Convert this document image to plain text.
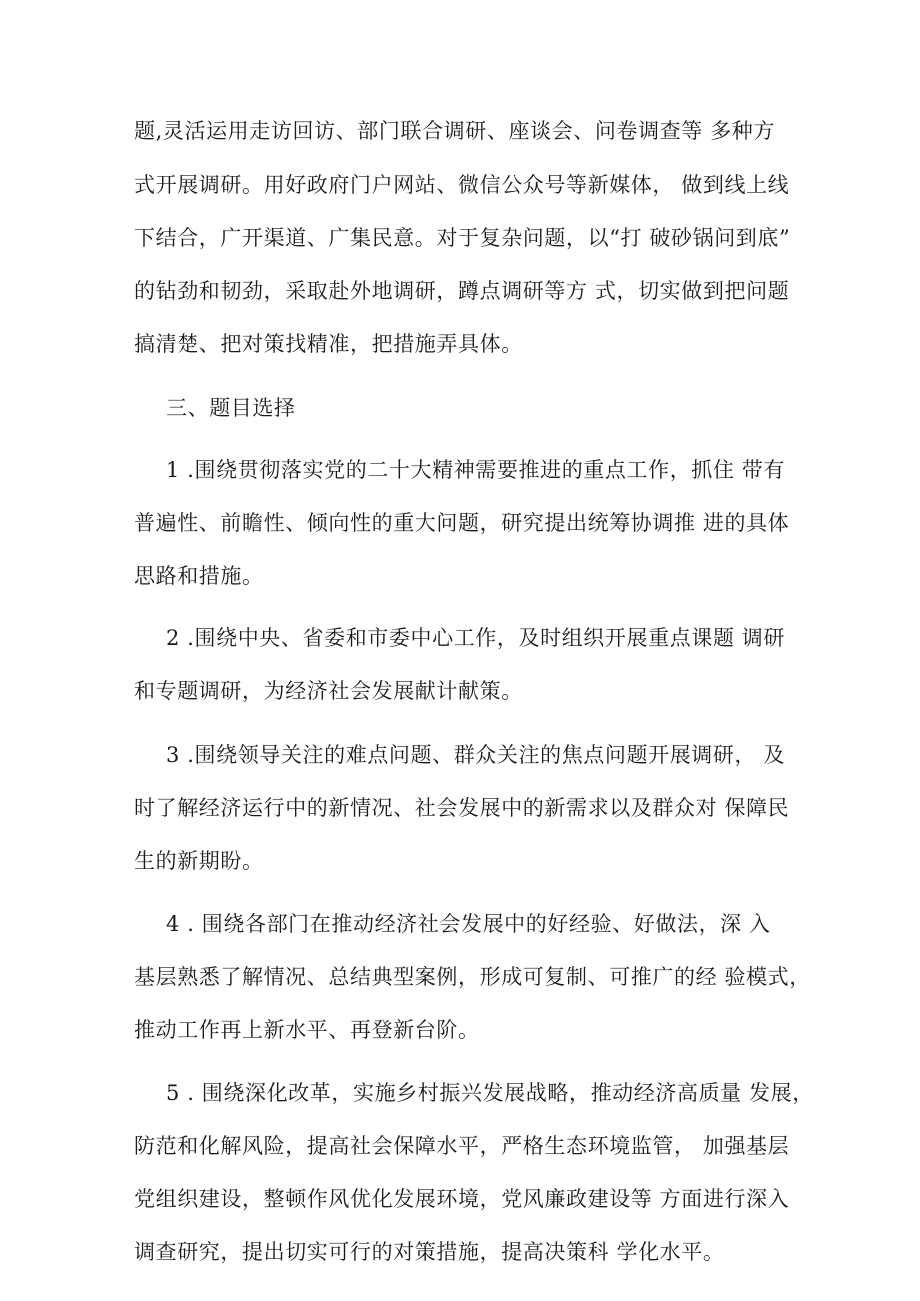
题,灵活运用走访回访、部门联合调研、座谈会、问卷调查等 多种方
式开展调研。用好政府门户网站、微信公众号等新媒体， 做到线上线
下结合，广开渠道、广集民意。对于复杂问题，以“打 破砂锅问到底”
的钻劲和韧劲，采取赴外地调研，蹲点调研等方 式，切实做到把问题
搞清楚、把对策找精准，把措施弄具体。
三、题目选择
1 .围绕贯彻落实党的二十大精神需要推进的重点工作，抓住 带有
普遍性、前瞻性、倾向性的重大问题，研究提出统筹协调推 进的具体
思路和措施。
2 .围绕中央、省委和市委中心工作，及时组织开展重点课题 调研
和专题调研，为经济社会发展献计献策。
3 .围绕领导关注的难点问题、群众关注的焦点问题开展调研， 及
时了解经济运行中的新情况、社会发展中的新需求以及群众对 保障民
生的新期盼。
4 . 围绕各部门在推动经济社会发展中的好经验、好做法，深 入
基层熟悉了解情况、总结典型案例，形成可复制、可推广的经 验模式，
推动工作再上新水平、再登新台阶。
5 . 围绕深化改革，实施乡村振兴发展战略，推动经济高质量 发展，
防范和化解风险，提高社会保障水平，严格生态环境监管， 加强基层
党组织建设，整顿作风优化发展环境，党风廉政建设等 方面进行深入
调查研究，提出切实可行的对策措施，提高决策科 学化水平。
